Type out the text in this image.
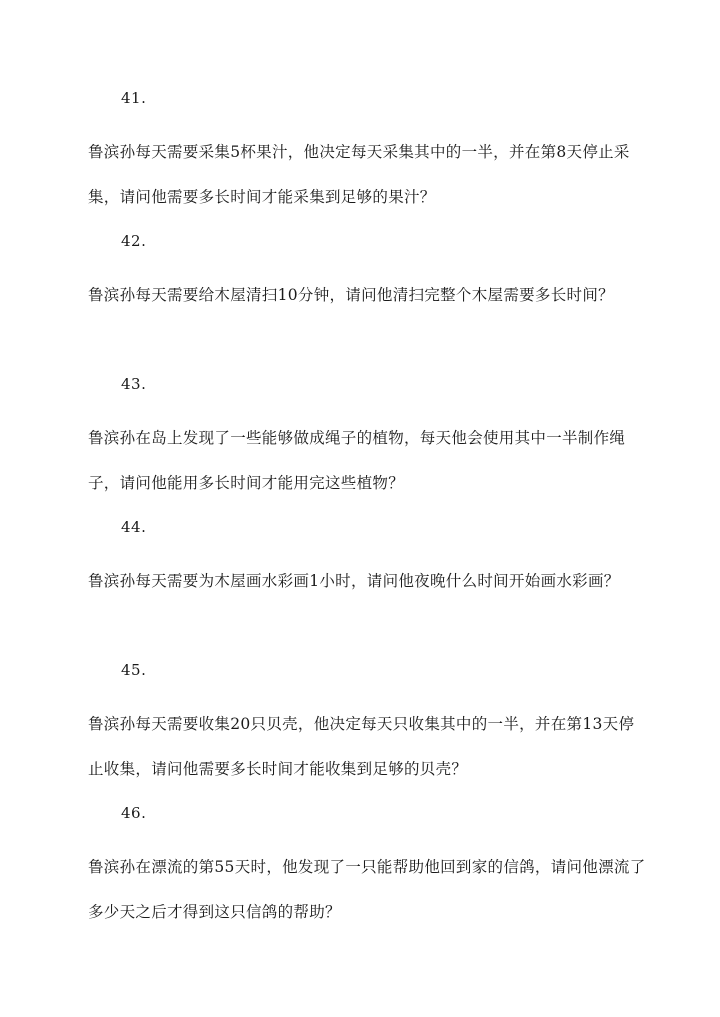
41.
鲁滨孙每天需要采集5杯果汁，他决定每天采集其中的一半，并在第8天停止采集，请问他需要多长时间才能采集到足够的果汁？
42.
鲁滨孙每天需要给木屋清扫10分钟，请问他清扫完整个木屋需要多长时间？
43.
鲁滨孙在岛上发现了一些能够做成绳子的植物，每天他会使用其中一半制作绳子，请问他能用多长时间才能用完这些植物？
44.
鲁滨孙每天需要为木屋画水彩画1小时，请问他夜晚什么时间开始画水彩画？
45.
鲁滨孙每天需要收集20只贝壳，他决定每天只收集其中的一半，并在第13天停止收集，请问他需要多长时间才能收集到足够的贝壳？
46.
鲁滨孙在漂流的第55天时，他发现了一只能帮助他回到家的信鸽，请问他漂流了多少天之后才得到这只信鸽的帮助？
